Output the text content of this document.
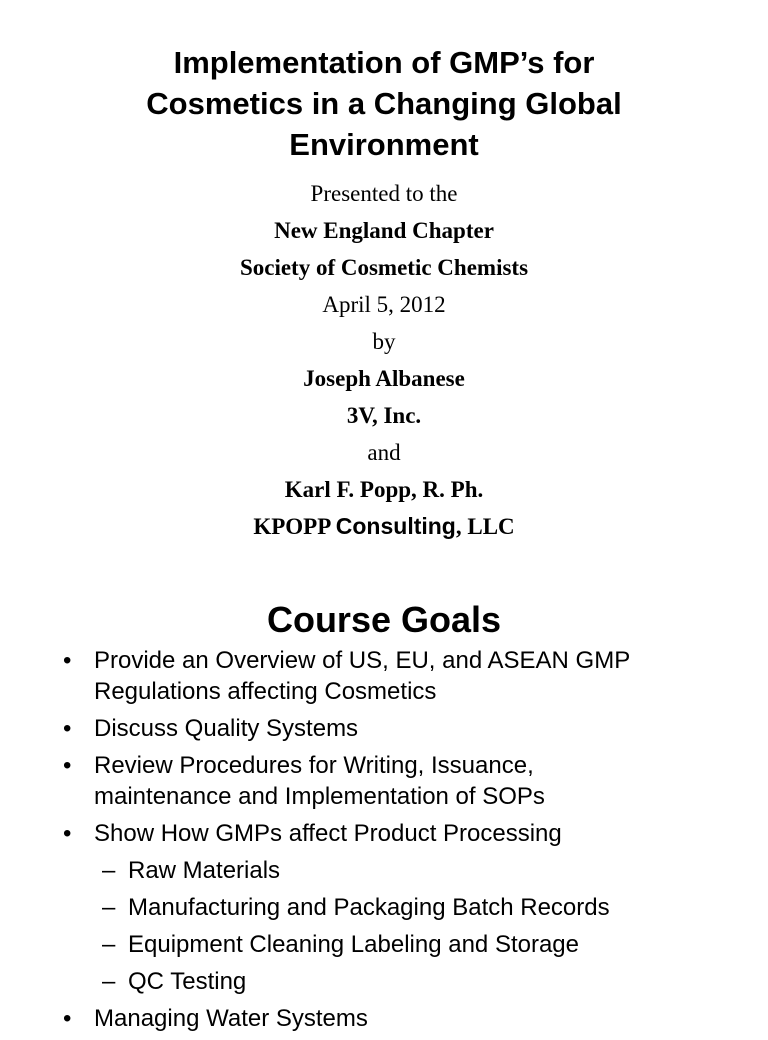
Implementation of GMP’s for
Cosmetics in a Changing Global
Environment
Presented to the
New England Chapter
Society of Cosmetic Chemists
April 5, 2012
by
Joseph Albanese
3V, Inc.
and
Karl F. Popp, R. Ph.
KPOPP Consulting, LLC
Course Goals
• Provide an Overview of US, EU, and ASEAN GMP
Regulations affecting Cosmetics
• Discuss Quality Systems
• Review Procedures for Writing, Issuance,
maintenance and Implementation of SOPs
• Show How GMPs affect Product Processing
– Raw Materials
– Manufacturing and Packaging Batch Records
– Equipment Cleaning Labeling and Storage
– QC Testing
• Managing Water Systems
